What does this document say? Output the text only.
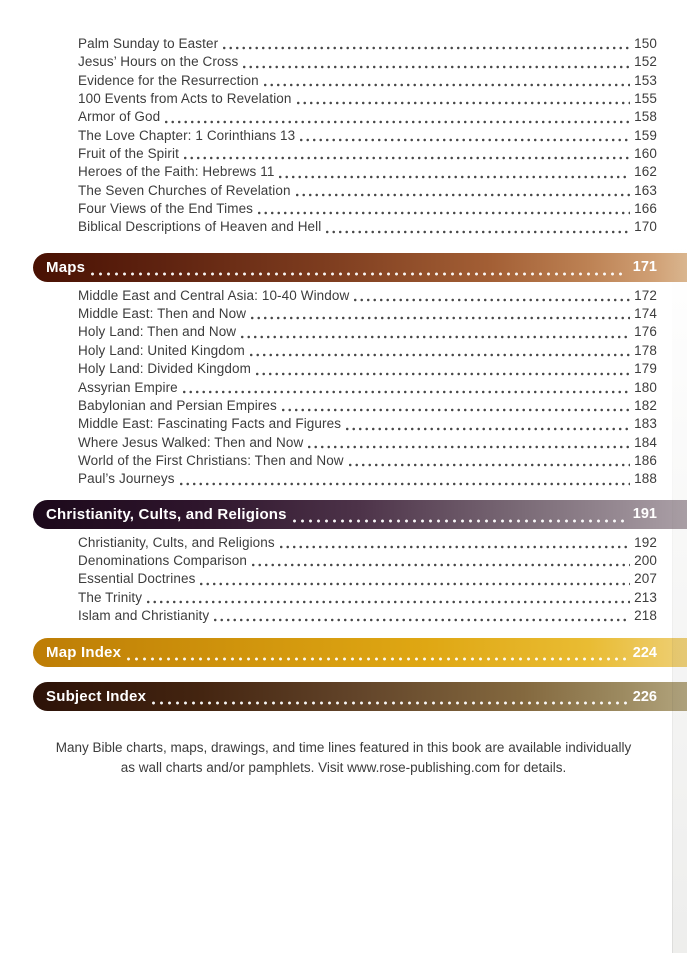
Palm Sunday to Easter	150
Jesus’ Hours on the Cross	152
Evidence for the Resurrection	153
100 Events from Acts to Revelation	155
Armor of God	158
The Love Chapter: 1 Corinthians 13	159
Fruit of the Spirit	160
Heroes of the Faith: Hebrews 11	162
The Seven Churches of Revelation	163
Four Views of the End Times	166
Biblical Descriptions of Heaven and Hell	170
Maps	171
Middle East and Central Asia: 10-40 Window	172
Middle East: Then and Now	174
Holy Land: Then and Now	176
Holy Land: United Kingdom	178
Holy Land: Divided Kingdom	179
Assyrian Empire	180
Babylonian and Persian Empires	182
Middle East: Fascinating Facts and Figures	183
Where Jesus Walked: Then and Now	184
World of the First Christians: Then and Now	186
Paul’s Journeys	188
Christianity, Cults, and Religions	191
Christianity, Cults, and Religions	192
Denominations Comparison	200
Essential Doctrines	207
The Trinity	213
Islam and Christianity	218
Map Index	224
Subject Index	226
Many Bible charts, maps, drawings, and time lines featured in this book are available individually
as wall charts and/or pamphlets. Visit www.rose-publishing.com for details.
